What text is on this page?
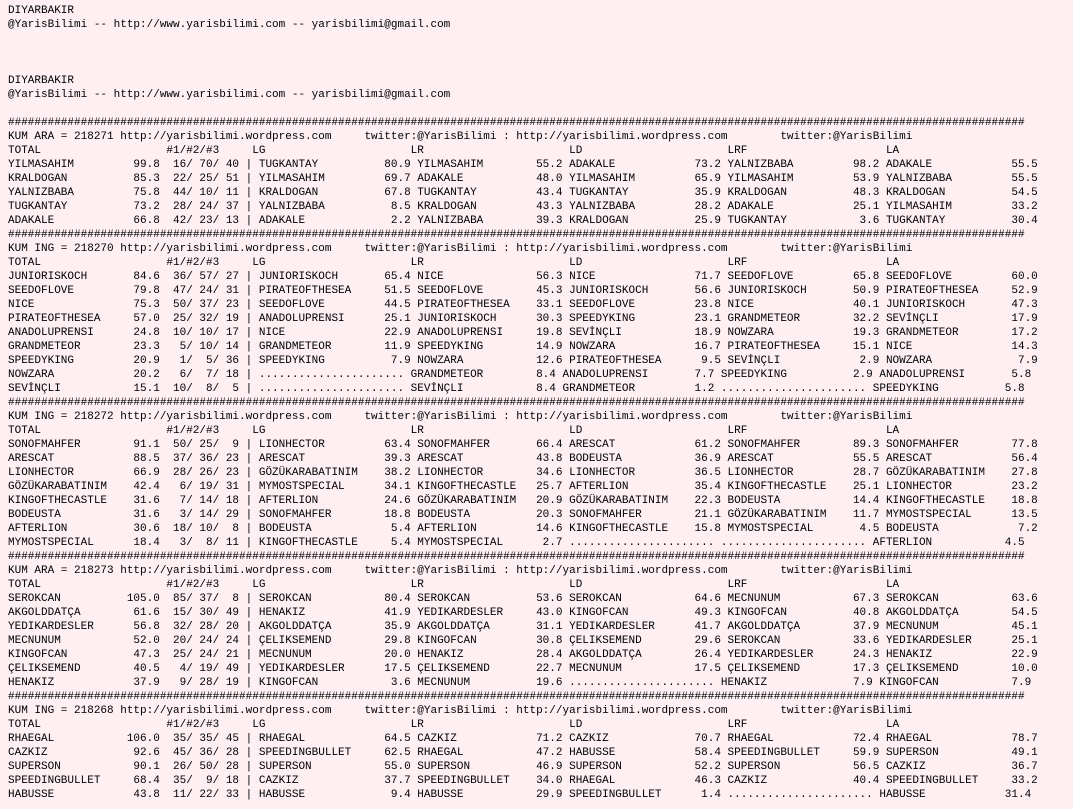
DIYARBAKIR
@YarisBilimi -- http://www.yarisbilimi.com -- yarisbilimi@gmail.com
DIYARBAKIR
@YarisBilimi -- http://www.yarisbilimi.com -- yarisbilimi@gmail.com
##########################################################################################################################################################
KUM ARA = 218271 http://yarisbilimi.wordpress.com     twitter:@YarisBilimi : http://yarisbilimi.wordpress.com        twitter:@YarisBilimi
TOTAL                   #1/#2/#3     LG                      LR                      LD                      LRF                     LA
YILMASAHIM         99.8  16/ 70/ 40 | TUGKANTAY          80.9 YILMASAHIM        55.2 ADAKALE            73.2 YALNIZBABA         98.2 ADAKALE            55.5
KRALDOGAN          85.3  22/ 25/ 51 | YILMASAHIM         69.7 ADAKALE           48.0 YILMASAHIM         65.9 YILMASAHIM         53.9 YALNIZBABA         55.5
YALNIZBABA         75.8  44/ 10/ 11 | KRALDOGAN          67.8 TUGKANTAY         43.4 TUGKANTAY          35.9 KRALDOGAN          48.3 KRALDOGAN          54.5
TUGKANTAY          73.2  28/ 24/ 37 | YALNIZBABA          8.5 KRALDOGAN         43.3 YALNIZBABA         28.2 ADAKALE            25.1 YILMASAHIM         33.2
ADAKALE            66.8  42/ 23/ 13 | ADAKALE             2.2 YALNIZBABA        39.3 KRALDOGAN          25.9 TUGKANTAY           3.6 TUGKANTAY          30.4
##########################################################################################################################################################
KUM ING = 218270 http://yarisbilimi.wordpress.com     twitter:@YarisBilimi : http://yarisbilimi.wordpress.com        twitter:@YarisBilimi
TOTAL                   #1/#2/#3     LG                      LR                      LD                      LRF                     LA
JUNIORISKOCH       84.6  36/ 57/ 27 | JUNIORISKOCH       65.4 NICE              56.3 NICE               71.7 SEEDOFLOVE         65.8 SEEDOFLOVE         60.0
SEEDOFLOVE         79.8  47/ 24/ 31 | PIRATEOFTHESEA     51.5 SEEDOFLOVE        45.3 JUNIORISKOCH       56.6 JUNIORISKOCH       50.9 PIRATEOFTHESEA     52.9
NICE               75.3  50/ 37/ 23 | SEEDOFLOVE         44.5 PIRATEOFTHESEA    33.1 SEEDOFLOVE         23.8 NICE               40.1 JUNIORISKOCH       47.3
PIRATEOFTHESEA     57.0  25/ 32/ 19 | ANADOLUPRENSI      25.1 JUNIORISKOCH      30.3 SPEEDYKING         23.1 GRANDMETEOR        32.2 SEVİNÇLI           17.9
ANADOLUPRENSI      24.8  10/ 10/ 17 | NICE               22.9 ANADOLUPRENSI     19.8 SEVİNÇLI           18.9 NOWZARA            19.3 GRANDMETEOR        17.2
GRANDMETEOR        23.3   5/ 10/ 14 | GRANDMETEOR        11.9 SPEEDYKING        14.9 NOWZARA            16.7 PIRATEOFTHESEA     15.1 NICE               14.3
SPEEDYKING         20.9   1/  5/ 36 | SPEEDYKING          7.9 NOWZARA           12.6 PIRATEOFTHESEA      9.5 SEVİNÇLI            2.9 NOWZARA             7.9
NOWZARA            20.2   6/  7/ 18 | ...................... GRANDMETEOR        8.4 ANADOLUPRENSI       7.7 SPEEDYKING          2.9 ANADOLUPRENSI       5.8
SEVİNÇLI           15.1  10/  8/  5 | ...................... SEVİNÇLI           8.4 GRANDMETEOR         1.2 ...................... SPEEDYKING          5.8
##########################################################################################################################################################
KUM ING = 218272 http://yarisbilimi.wordpress.com     twitter:@YarisBilimi : http://yarisbilimi.wordpress.com        twitter:@YarisBilimi
TOTAL                   #1/#2/#3     LG                      LR                      LD                      LRF                     LA
SONOFMAHFER        91.1  50/ 25/  9 | LIONHECTOR         63.4 SONOFMAHFER       66.4 ARESCAT            61.2 SONOFMAHFER        89.3 SONOFMAHFER        77.8
ARESCAT            88.5  37/ 36/ 23 | ARESCAT            39.3 ARESCAT           43.8 BODEUSTA           36.9 ARESCAT            55.5 ARESCAT            56.4
LIONHECTOR         66.9  28/ 26/ 23 | GÖZÜKARABATINIM    38.2 LIONHECTOR        34.6 LIONHECTOR         36.5 LIONHECTOR         28.7 GÖZÜKARABATINIM    27.8
GÖZÜKARABATINIM    42.4   6/ 19/ 31 | MYMOSTSPECIAL      34.1 KINGOFTHECASTLE   25.7 AFTERLION          35.4 KINGOFTHECASTLE    25.1 LIONHECTOR         23.2
KINGOFTHECASTLE    31.6   7/ 14/ 18 | AFTERLION          24.6 GÖZÜKARABATINIM   20.9 GÖZÜKARABATINIM    22.3 BODEUSTA           14.4 KINGOFTHECASTLE    18.8
BODEUSTA           31.6   3/ 14/ 29 | SONOFMAHFER        18.8 BODEUSTA          20.3 SONOFMAHFER        21.1 GÖZÜKARABATINIM    11.7 MYMOSTSPECIAL      13.5
AFTERLION          30.6  18/ 10/  8 | BODEUSTA            5.4 AFTERLION         14.6 KINGOFTHECASTLE    15.8 MYMOSTSPECIAL       4.5 BODEUSTA            7.2
MYMOSTSPECIAL      18.4   3/  8/ 11 | KINGOFTHECASTLE     5.4 MYMOSTSPECIAL      2.7 ...................... ...................... AFTERLION           4.5
##########################################################################################################################################################
KUM ARA = 218273 http://yarisbilimi.wordpress.com     twitter:@YarisBilimi : http://yarisbilimi.wordpress.com        twitter:@YarisBilimi
TOTAL                   #1/#2/#3     LG                      LR                      LD                      LRF                     LA
SEROKCAN          105.0  85/ 37/  8 | SEROKCAN           80.4 SEROKCAN          53.6 SEROKCAN           64.6 MECNUNUM           67.3 SEROKCAN           63.6
AKGOLDDATÇA        61.6  15/ 30/ 49 | HENAKIZ            41.9 YEDIKARDESLER     43.0 KINGOFCAN          49.3 KINGOFCAN          40.8 AKGOLDDATÇA        54.5
YEDIKARDESLER      56.8  32/ 28/ 20 | AKGOLDDATÇA        35.9 AKGOLDDATÇA       31.1 YEDIKARDESLER      41.7 AKGOLDDATÇA        37.9 MECNUNUM           45.1
MECNUNUM           52.0  20/ 24/ 24 | ÇELIKSEMEND        29.8 KINGOFCAN         30.8 ÇELIKSEMEND        29.6 SEROKCAN           33.6 YEDIKARDESLER      25.1
KINGOFCAN          47.3  25/ 24/ 21 | MECNUNUM           20.0 HENAKIZ           28.4 AKGOLDDATÇA        26.4 YEDIKARDESLER      24.3 HENAKIZ            22.9
ÇELIKSEMEND        40.5   4/ 19/ 49 | YEDIKARDESLER      17.5 ÇELIKSEMEND       22.7 MECNUNUM           17.5 ÇELIKSEMEND        17.3 ÇELIKSEMEND        10.0
HENAKIZ            37.9   9/ 28/ 19 | KINGOFCAN           3.6 MECNUNUM          19.6 ...................... HENAKIZ             7.9 KINGOFCAN           7.9
##########################################################################################################################################################
KUM ING = 218268 http://yarisbilimi.wordpress.com     twitter:@YarisBilimi : http://yarisbilimi.wordpress.com        twitter:@YarisBilimi
TOTAL                   #1/#2/#3     LG                      LR                      LD                      LRF                     LA
RHAEGAL           106.0  35/ 35/ 45 | RHAEGAL            64.5 CAZKIZ            71.2 CAZKIZ             70.7 RHAEGAL            72.4 RHAEGAL            78.7
CAZKIZ             92.6  45/ 36/ 28 | SPEEDINGBULLET     62.5 RHAEGAL           47.2 HABUSSE            58.4 SPEEDINGBULLET     59.9 SUPERSON           49.1
SUPERSON           90.1  26/ 50/ 28 | SUPERSON           55.0 SUPERSON          46.9 SUPERSON           52.2 SUPERSON           56.5 CAZKIZ             36.7
SPEEDINGBULLET     68.4  35/  9/ 18 | CAZKIZ             37.7 SPEEDINGBULLET    34.0 RHAEGAL            46.3 CAZKIZ             40.4 SPEEDINGBULLET     33.2
HABUSSE            43.8  11/ 22/ 33 | HABUSSE             9.4 HABUSSE           29.9 SPEEDINGBULLET      1.4 ...................... HABUSSE            31.4
